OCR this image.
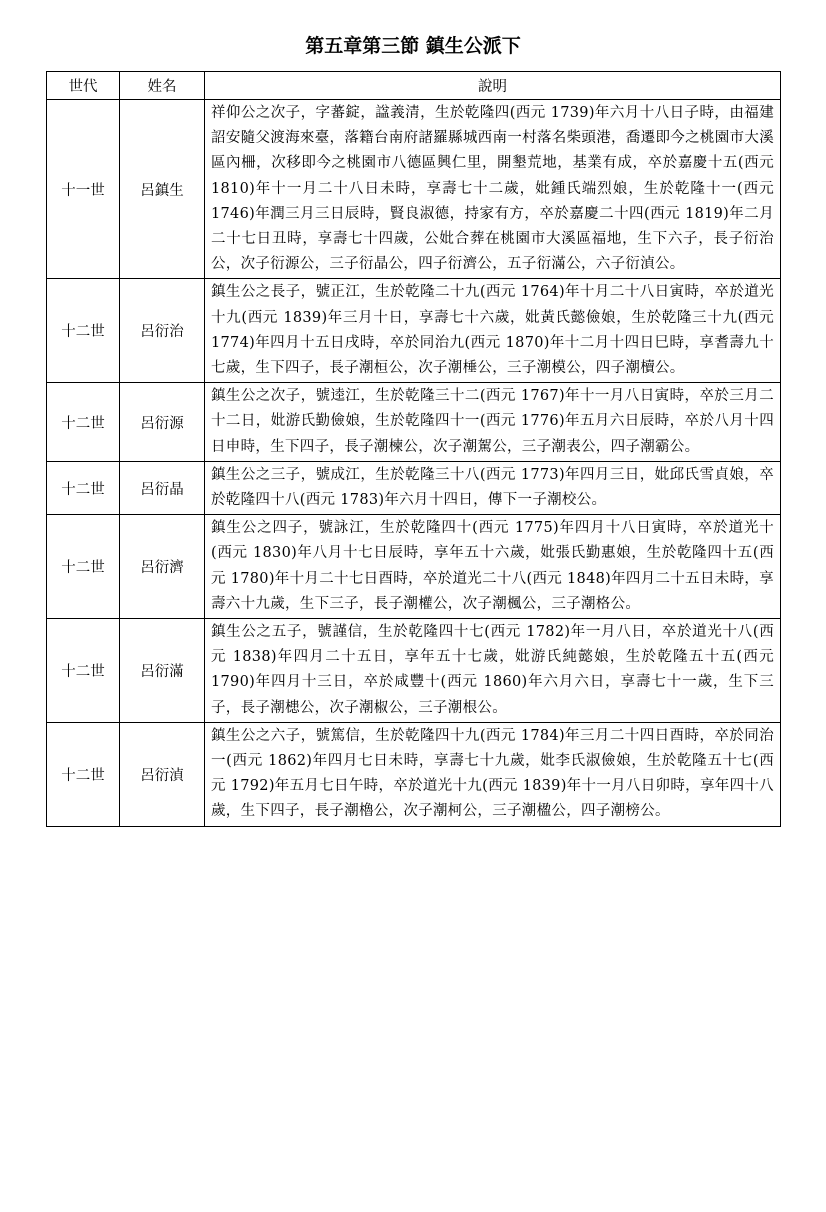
第五章第三節 鎮生公派下
世代	姓名	說明
十一世	呂鎮生	祥仰公之次子，字蕃錠，諡義清，生於乾隆四(西元 1739)年六月十八日子時，由福建詔安隨父渡海來臺，落籍台南府諸羅縣城西南一村落名柴頭港，喬遷即今之桃園市大溪區內柵，次移即今之桃園市八德區興仁里，開墾荒地，基業有成，卒於嘉慶十五(西元 1810)年十一月二十八日未時，享壽七十二歲，妣鍾氏端烈娘，生於乾隆十一(西元 1746)年潤三月三日辰時，賢良淑德，持家有方，卒於嘉慶二十四(西元 1819)年二月二十七日丑時，享壽七十四歲，公妣合葬在桃園市大溪區福地，生下六子，長子衍治公，次子衍源公，三子衍晶公，四子衍濟公，五子衍滿公，六子衍湞公。
十二世	呂衍治	鎮生公之長子，號正江，生於乾隆二十九(西元 1764)年十月二十八日寅時，卒於道光十九(西元 1839)年三月十日，享壽七十六歲，妣黃氏懿儉娘，生於乾隆三十九(西元 1774)年四月十五日戌時，卒於同治九(西元 1870)年十二月十四日巳時，享耆壽九十七歲，生下四子，長子潮桓公，次子潮棰公，三子潮模公，四子潮櫝公。
十二世	呂衍源	鎮生公之次子，號逵江，生於乾隆三十二(西元 1767)年十一月八日寅時，卒於三月二十二日，妣游氏勤儉娘，生於乾隆四十一(西元 1776)年五月六日辰時，卒於八月十四日申時，生下四子，長子潮楝公，次子潮駕公，三子潮表公，四子潮霸公。
十二世	呂衍晶	鎮生公之三子，號成江，生於乾隆三十八(西元 1773)年四月三日，妣邱氏雪貞娘，卒於乾隆四十八(西元 1783)年六月十四日，傳下一子潮校公。
十二世	呂衍濟	鎮生公之四子，號詠江，生於乾隆四十(西元 1775)年四月十八日寅時，卒於道光十(西元 1830)年八月十七日辰時，享年五十六歲，妣張氏勤惠娘，生於乾隆四十五(西元 1780)年十月二十七日酉時，卒於道光二十八(西元 1848)年四月二十五日未時，享壽六十九歲，生下三子，長子潮權公，次子潮楓公，三子潮格公。
十二世	呂衍滿	鎮生公之五子，號謹信，生於乾隆四十七(西元 1782)年一月八日，卒於道光十八(西元 1838)年四月二十五日，享年五十七歲，妣游氏純懿娘，生於乾隆五十五(西元 1790)年四月十三日，卒於咸豐十(西元 1860)年六月六日，享壽七十一歲，生下三子，長子潮槵公，次子潮椒公，三子潮根公。
十二世	呂衍湞	鎮生公之六子，號篤信，生於乾隆四十九(西元 1784)年三月二十四日酉時，卒於同治一(西元 1862)年四月七日未時，享壽七十九歲，妣李氏淑儉娘，生於乾隆五十七(西元 1792)年五月七日午時，卒於道光十九(西元 1839)年十一月八日卯時，享年四十八歲，生下四子，長子潮櫓公，次子潮柯公，三子潮楹公，四子潮榜公。
